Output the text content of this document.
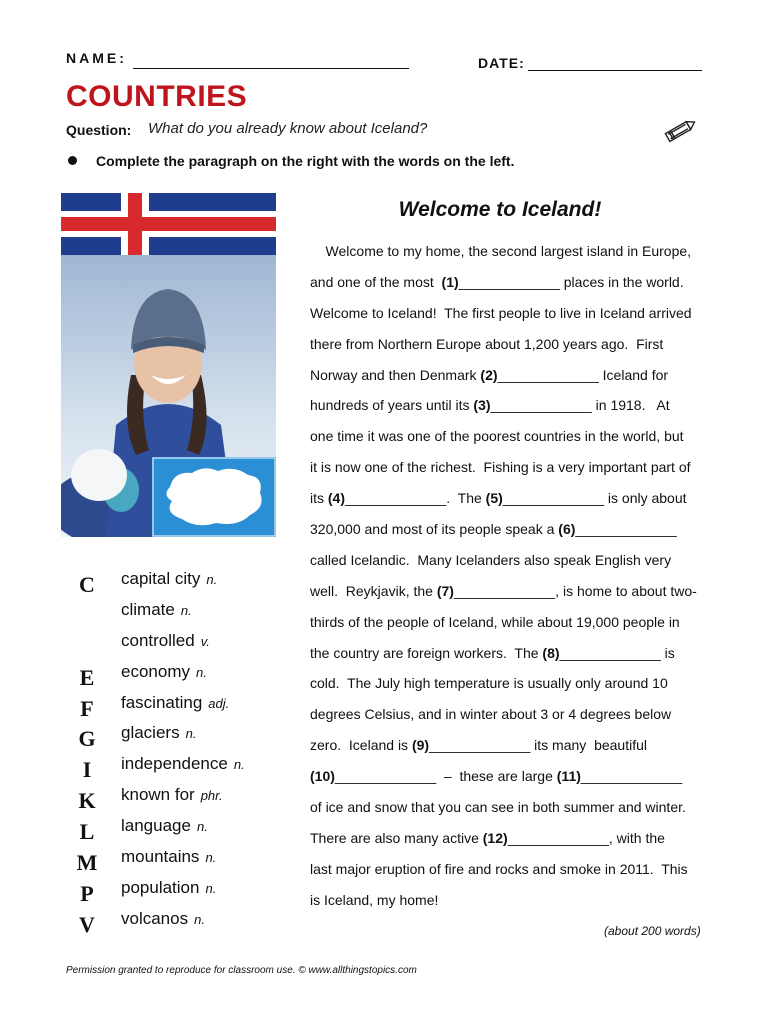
NAME:	DATE:
COUNTRIES
Question: What do you already know about Iceland?
Complete the paragraph on the right with the words on the left.
C
E
F
G
I
K
L
M
P
V
capital city n.
climate n.
controlled v.
economy n.
fascinating adj.
glaciers n.
independence n.
known for phr.
language n.
mountains n.
population n.
volcanos n.
Welcome to Iceland!
Welcome to my home, the second largest island in Europe,
and one of the most  (1)_____________ places in the world.
Welcome to Iceland!  The first people to live in Iceland arrived
there from Northern Europe about 1,200 years ago.  First
Norway and then Denmark (2)_____________ Iceland for
hundreds of years until its (3)_____________ in 1918.   At
one time it was one of the poorest countries in the world, but
it is now one of the richest.  Fishing is a very important part of
its (4)_____________.  The (5)_____________ is only about
320,000 and most of its people speak a (6)_____________
called Icelandic.  Many Icelanders also speak English very
well.  Reykjavik, the (7)_____________, is home to about two-
thirds of the people of Iceland, while about 19,000 people in
the country are foreign workers.  The (8)_____________ is
cold.  The July high temperature is usually only around 10
degrees Celsius, and in winter about 3 or 4 degrees below
zero.  Iceland is (9)_____________ its many  beautiful
(10)_____________  –  these are large (11)_____________
of ice and snow that you can see in both summer and winter.
There are also many active (12)_____________, with the
last major eruption of fire and rocks and smoke in 2011.  This
is Iceland, my home!
(about 200 words)
Permission granted to reproduce for classroom use. © www.allthingstopics.com
